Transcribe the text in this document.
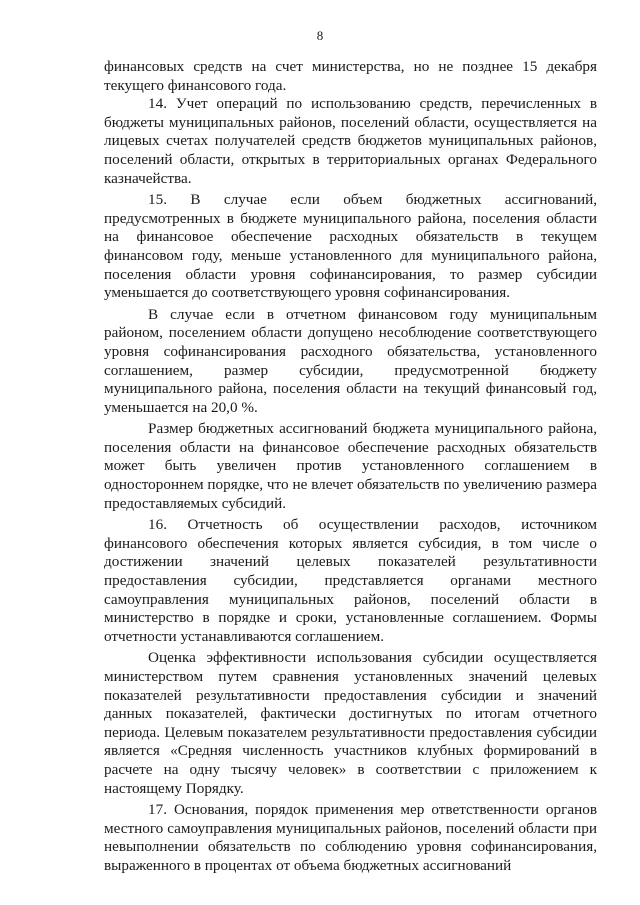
8

финансовых средств на счет министерства, но не позднее 15 декабря текущего финансового года.

14. Учет операций по использованию средств, перечисленных в бюджеты муниципальных районов, поселений области, осуществляется на лицевых счетах получателей средств бюджетов муниципальных районов, поселений области, открытых в территориальных органах Федерального казначейства.

15. В случае если объем бюджетных ассигнований, предусмотренных в бюджете муниципального района, поселения области на финансовое обеспечение расходных обязательств в текущем финансовом году, меньше установленного для муниципального района, поселения области уровня софинансирования, то размер субсидии уменьшается до соответствующего уровня софинансирования.

В случае если в отчетном финансовом году муниципальным районом, поселением области допущено несоблюдение соответствующего уровня софинансирования расходного обязательства, установленного соглашением, размер субсидии, предусмотренной бюджету муниципального района, поселения области на текущий финансовый год, уменьшается на 20,0 %.

Размер бюджетных ассигнований бюджета муниципального района, поселения области на финансовое обеспечение расходных обязательств может быть увеличен против установленного соглашением в одностороннем порядке, что не влечет обязательств по увеличению размера предоставляемых субсидий.

16. Отчетность об осуществлении расходов, источником финансового обеспечения которых является субсидия, в том числе о достижении значений целевых показателей результативности предоставления субсидии, представляется органами местного самоуправления муниципальных районов, поселений области в министерство в порядке и сроки, установленные соглашением. Формы отчетности устанавливаются соглашением.

Оценка эффективности использования субсидии осуществляется министерством путем сравнения установленных значений целевых показателей результативности предоставления субсидии и значений данных показателей, фактически достигнутых по итогам отчетного периода. Целевым показателем результативности предоставления субсидии является «Средняя численность участников клубных формирований в расчете на одну тысячу человек» в соответствии с приложением к настоящему Порядку.

17. Основания, порядок применения мер ответственности органов местного самоуправления муниципальных районов, поселений области при невыполнении обязательств по соблюдению уровня софинансирования, выраженного в процентах от объема бюджетных ассигнований
